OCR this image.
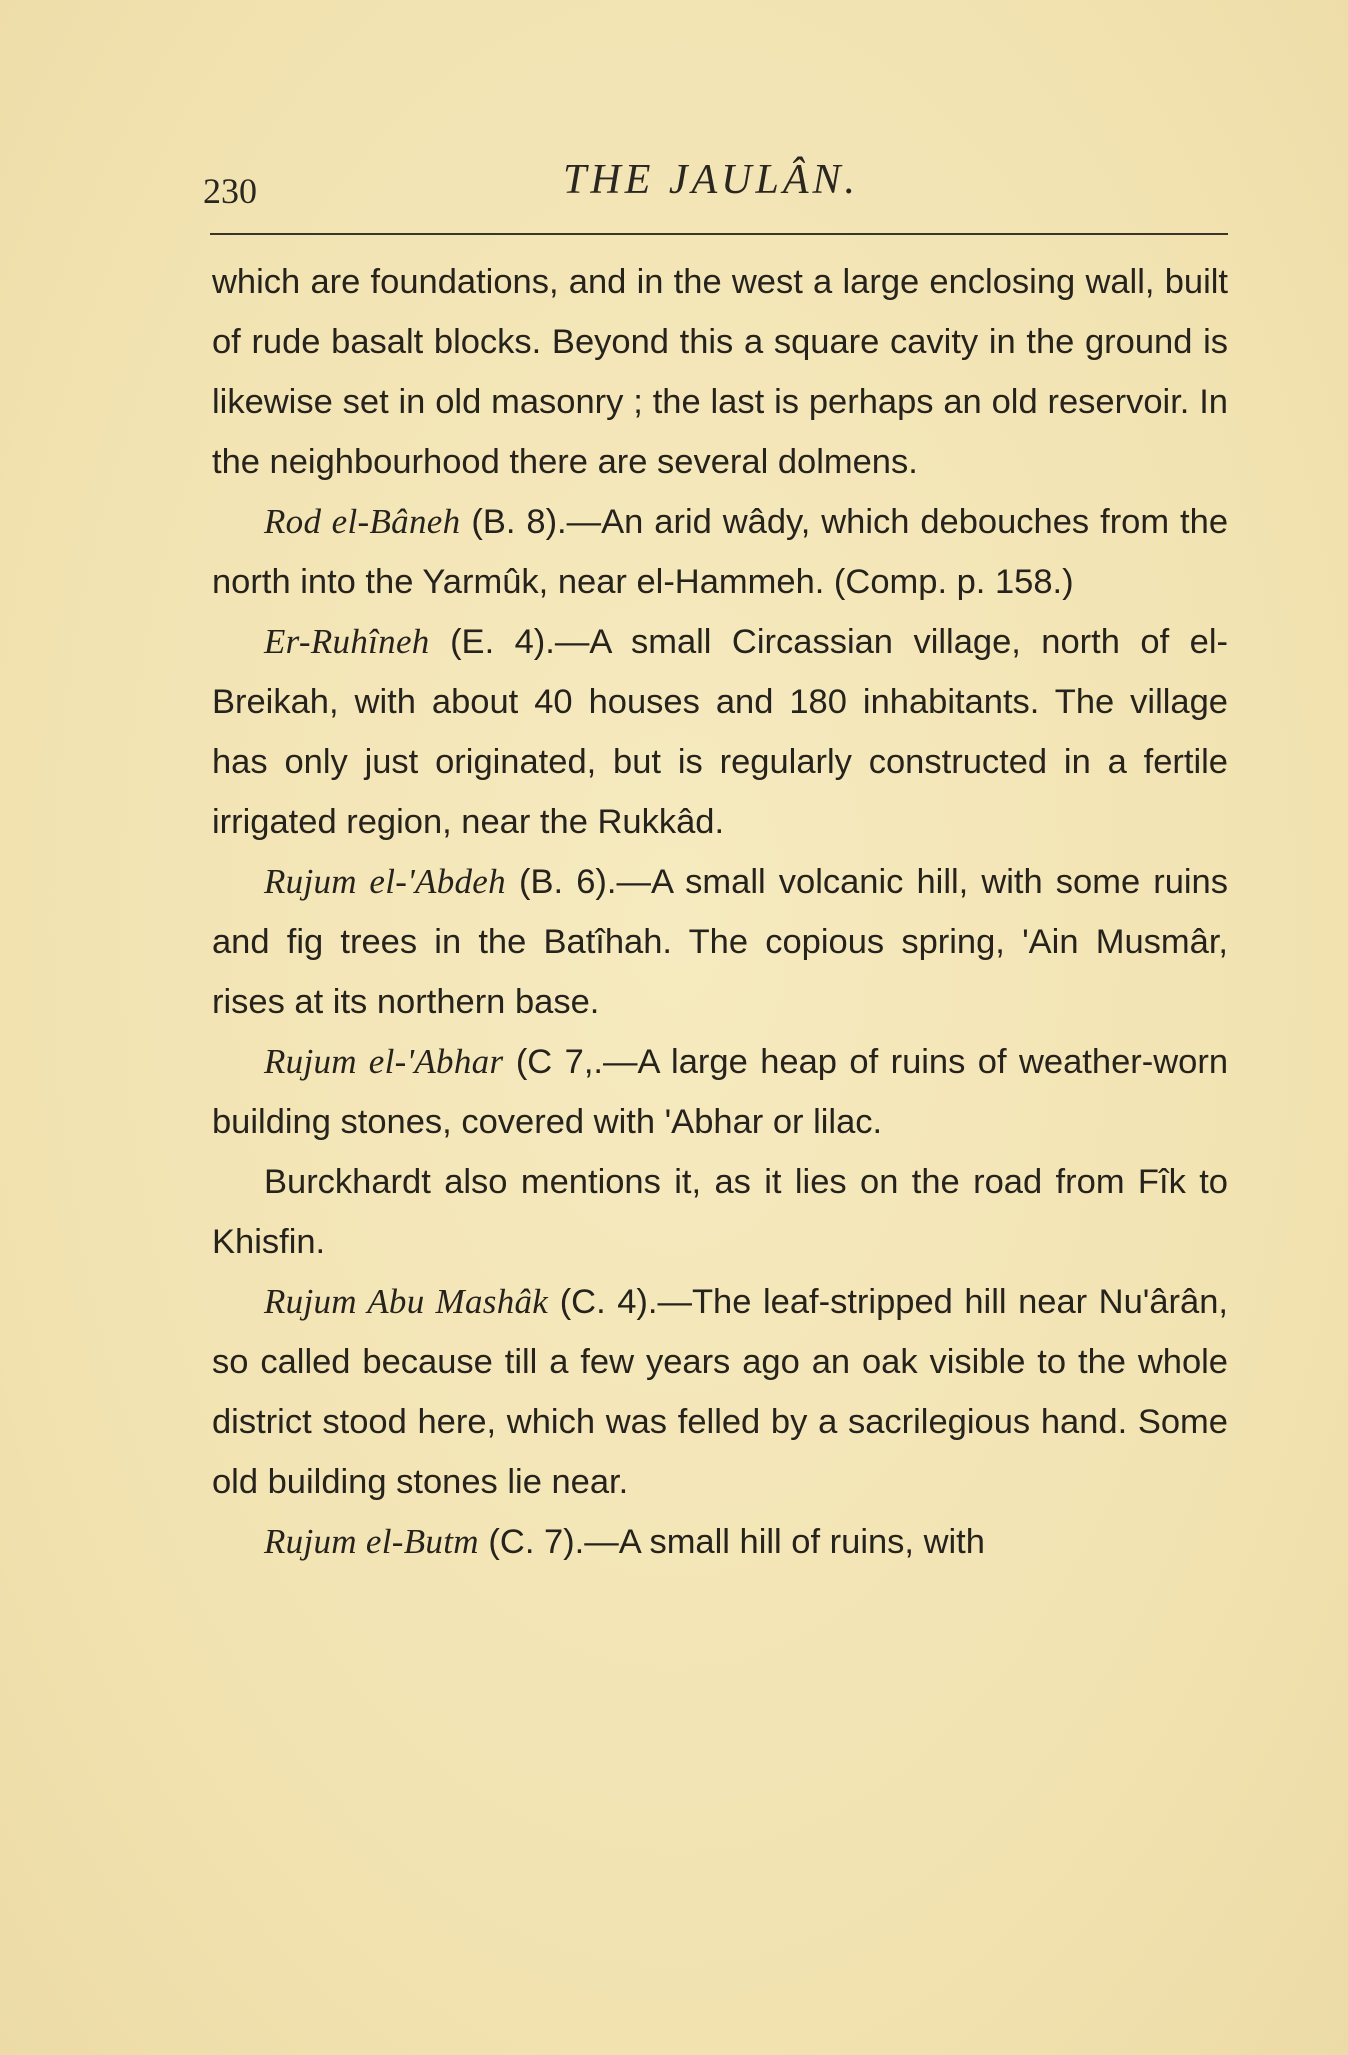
230	THE JAULÂN.

which are foundations, and in the west a large enclosing wall, built of rude basalt blocks. Beyond this a square cavity in the ground is likewise set in old masonry ; the last is perhaps an old reservoir. In the neighbourhood there are several dolmens.

Rod el-Bâneh (B. 8).—An arid wâdy, which debouches from the north into the Yarmûk, near el-Hammeh. (Comp. p. 158.)

Er-Ruhîneh (E. 4).—A small Circassian village, north of el-Breikah, with about 40 houses and 180 inhabitants. The village has only just originated, but is regularly constructed in a fertile irrigated region, near the Rukkâd.

Rujum el-'Abdeh (B. 6).—A small volcanic hill, with some ruins and fig trees in the Batîhah. The copious spring, 'Ain Musmâr, rises at its northern base.

Rujum el-'Abhar (C 7,.—A large heap of ruins of weather-worn building stones, covered with 'Abhar or lilac.

Burckhardt also mentions it, as it lies on the road from Fîk to Khisfin.

Rujum Abu Mashâk (C. 4).—The leaf-stripped hill near Nu'ârân, so called because till a few years ago an oak visible to the whole district stood here, which was felled by a sacrilegious hand. Some old building stones lie near.

Rujum el-Butm (C. 7).—A small hill of ruins, with
